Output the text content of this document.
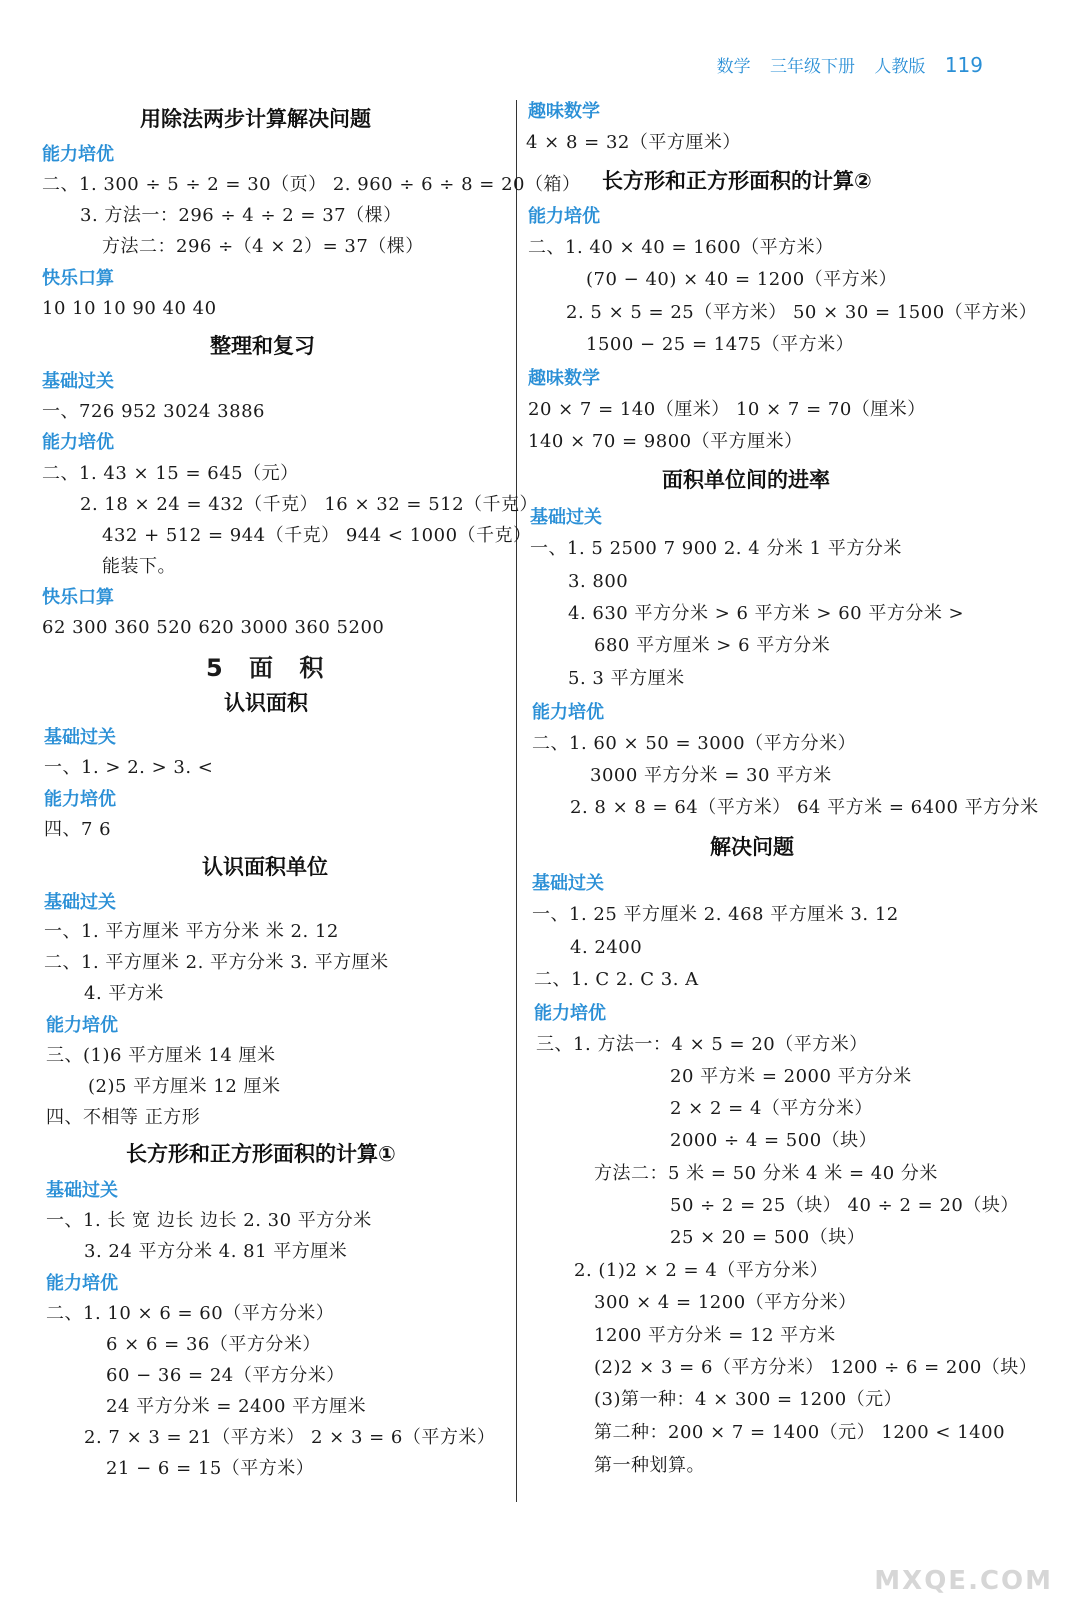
数学 三年级下册 人教版 119
用除法两步计算解决问题
能力培优
二、1. 300 ÷ 5 ÷ 2 = 30（页） 2. 960 ÷ 6 ÷ 8 = 20（箱）
3. 方法一：296 ÷ 4 ÷ 2 = 37（棵）
方法二：296 ÷（4 × 2）= 37（棵）
快乐口算
10 10 10 90 40 40
整理和复习
基础过关
一、726 952 3024 3886
能力培优
二、1. 43 × 15 = 645（元）
2. 18 × 24 = 432（千克） 16 × 32 = 512（千克）
432 + 512 = 944（千克） 944 < 1000（千克）
能装下。
快乐口算
62 300 360 520 620 3000 360 5200
5 面 积
认识面积
基础过关
一、1. > 2. > 3. <
能力培优
四、7 6
认识面积单位
基础过关
一、1. 平方厘米 平方分米 米 2. 12
二、1. 平方厘米 2. 平方分米 3. 平方厘米
4. 平方米
能力培优
三、(1)6 平方厘米 14 厘米
(2)5 平方厘米 12 厘米
四、不相等 正方形
长方形和正方形面积的计算①
基础过关
一、1. 长 宽 边长 边长 2. 30 平方分米
3. 24 平方分米 4. 81 平方厘米
能力培优
二、1. 10 × 6 = 60（平方分米）
6 × 6 = 36（平方分米）
60 − 36 = 24（平方分米）
24 平方分米 = 2400 平方厘米
2. 7 × 3 = 21（平方米） 2 × 3 = 6（平方米）
21 − 6 = 15（平方米）
趣味数学
4 × 8 = 32（平方厘米）
长方形和正方形面积的计算②
能力培优
二、1. 40 × 40 = 1600（平方米）
(70 − 40) × 40 = 1200（平方米）
2. 5 × 5 = 25（平方米） 50 × 30 = 1500（平方米）
1500 − 25 = 1475（平方米）
趣味数学
20 × 7 = 140（厘米） 10 × 7 = 70（厘米）
140 × 70 = 9800（平方厘米）
面积单位间的进率
基础过关
一、1. 5 2500 7 900 2. 4 分米 1 平方分米
3. 800
4. 630 平方分米 > 6 平方米 > 60 平方分米 >
680 平方厘米 > 6 平方分米
5. 3 平方厘米
能力培优
二、1. 60 × 50 = 3000（平方分米）
3000 平方分米 = 30 平方米
2. 8 × 8 = 64（平方米） 64 平方米 = 6400 平方分米
解决问题
基础过关
一、1. 25 平方厘米 2. 468 平方厘米 3. 12
4. 2400
二、1. C 2. C 3. A
能力培优
三、1. 方法一：4 × 5 = 20（平方米）
20 平方米 = 2000 平方分米
2 × 2 = 4（平方分米）
2000 ÷ 4 = 500（块）
方法二：5 米 = 50 分米 4 米 = 40 分米
50 ÷ 2 = 25（块） 40 ÷ 2 = 20（块）
25 × 20 = 500（块）
2. (1)2 × 2 = 4（平方分米）
300 × 4 = 1200（平方分米）
1200 平方分米 = 12 平方米
(2)2 × 3 = 6（平方分米） 1200 ÷ 6 = 200（块）
(3)第一种：4 × 300 = 1200（元）
第二种：200 × 7 = 1400（元） 1200 < 1400
第一种划算。
MXQE.COM
